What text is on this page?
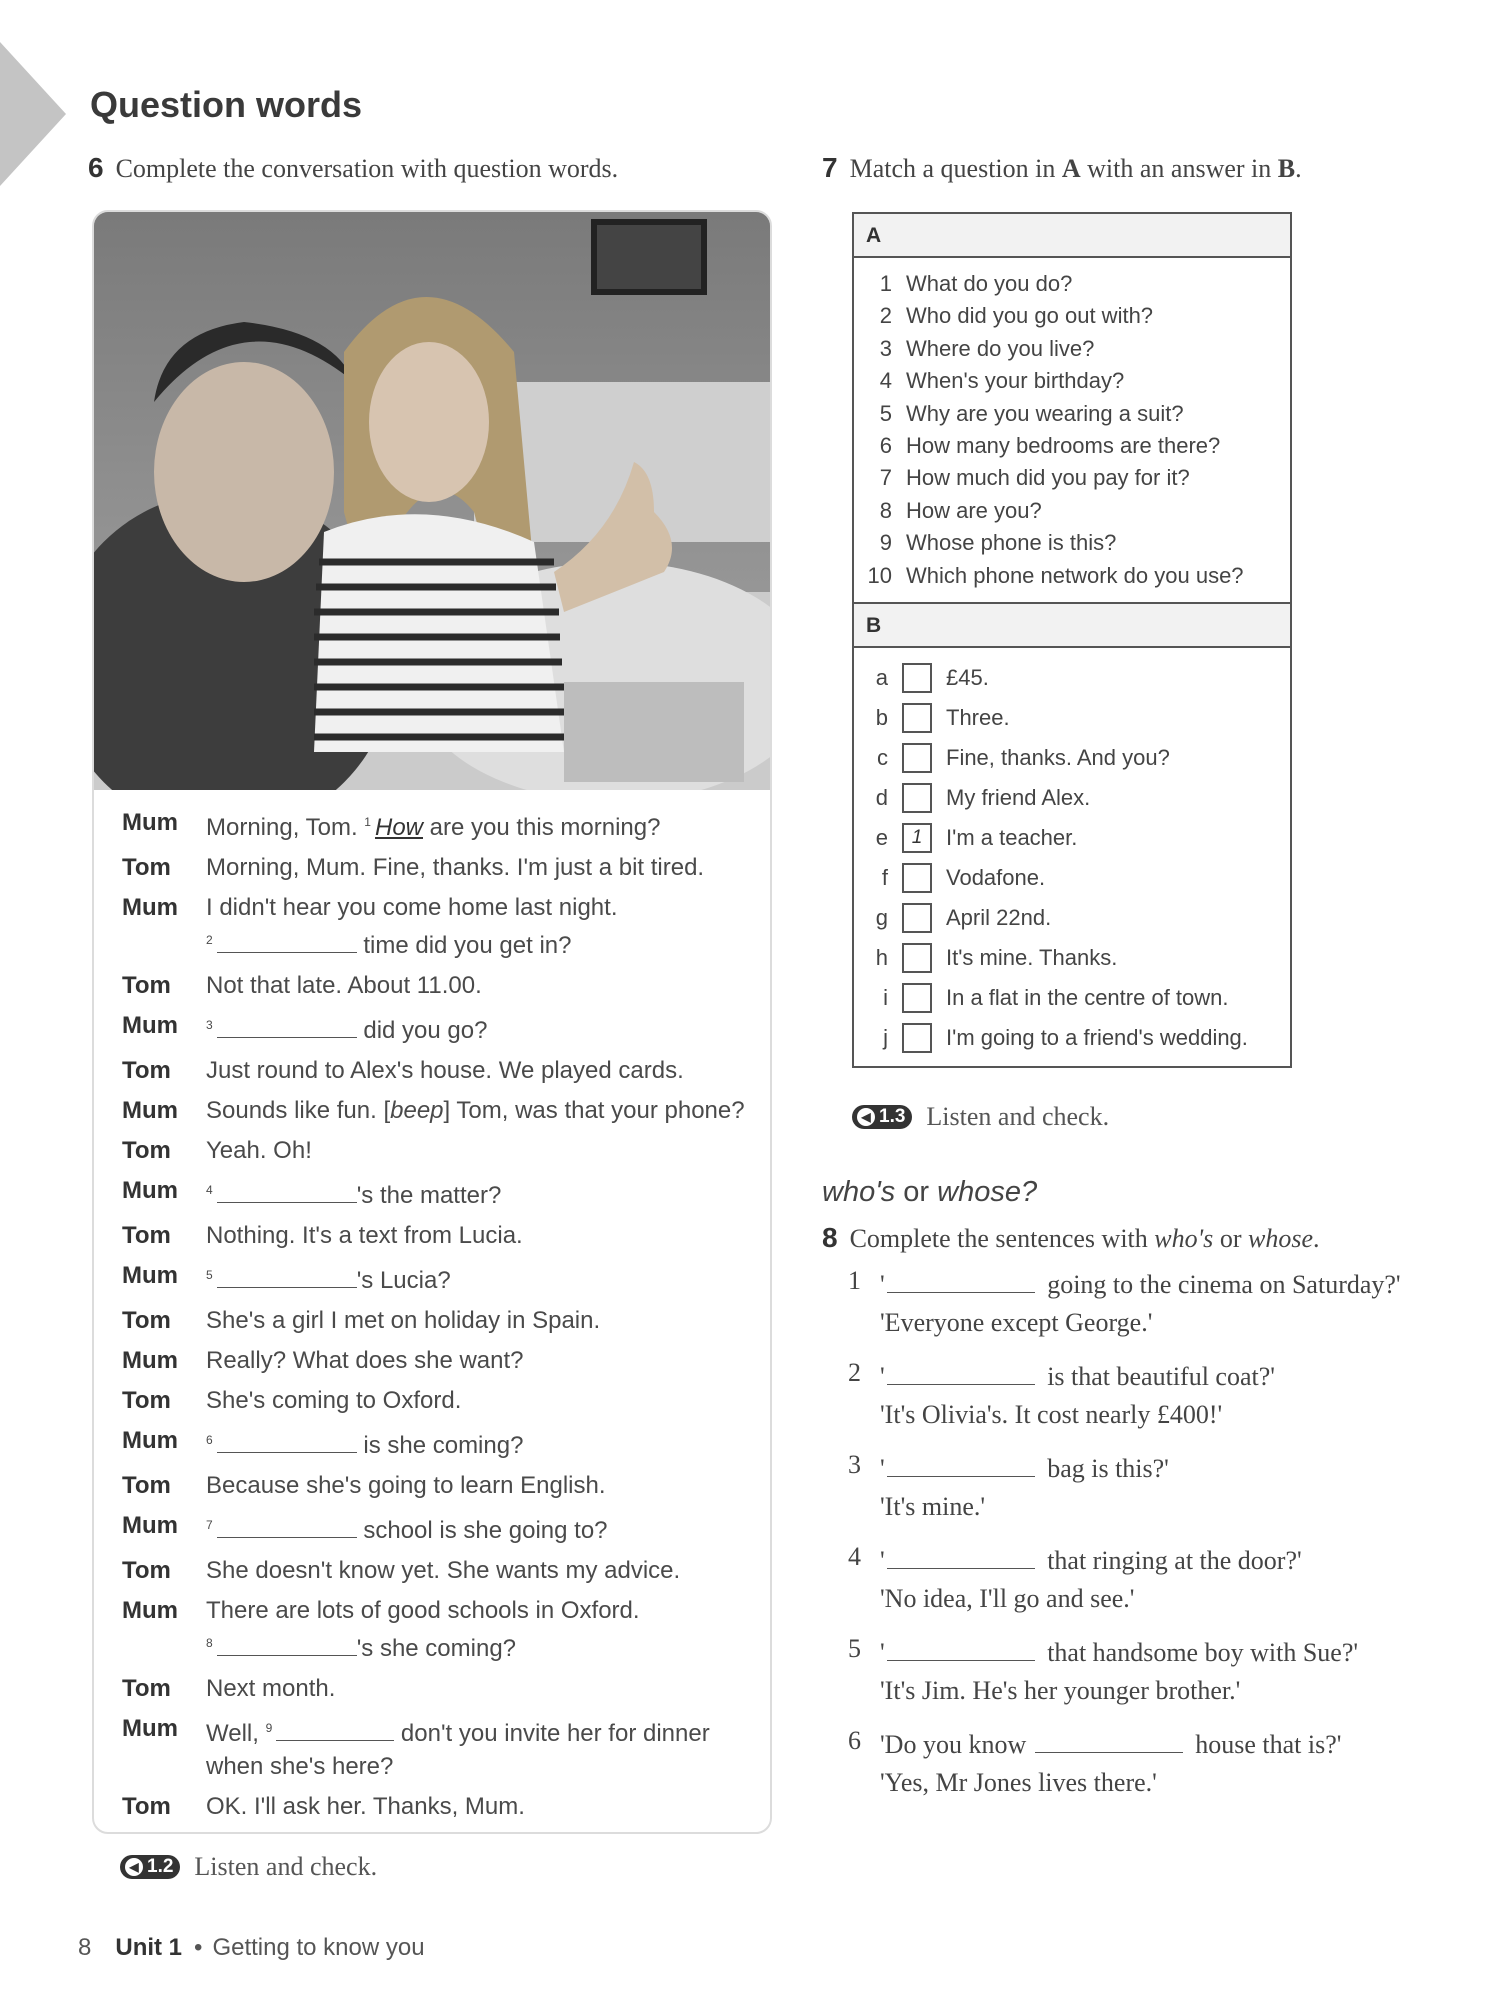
Question words
6 Complete the conversation with question words.
Mum	Morning, Tom. $^1$ How are you this morning?
Tom	Morning, Mum. Fine, thanks. I'm just a bit tired.
Mum	I didn't hear you come home last night.
$^2$	time did you get in?
Tom	Not that late. About 11.00.
Mum	$^3$	did you go?
Tom	Just round to Alex's house. We played cards.
Mum	Sounds like fun. [beep] Tom, was that your phone?
Tom	Yeah. Oh!
Mum	$^4$	's the matter?
Tom	Nothing. It's a text from Lucia.
Mum	$^5$	's Lucia?
Tom	She's a girl I met on holiday in Spain.
Mum	Really? What does she want?
Tom	She's coming to Oxford.
Mum	$^6$	is she coming?
Tom	Because she's going to learn English.
Mum	$^7$	school is she going to?
Tom	She doesn't know yet. She wants my advice.
Mum	There are lots of good schools in Oxford.
$^8$	's she coming?
Tom	Next month.
Mum	Well, $^9$	don't you invite her for dinner when she's here?
Tom	OK. I'll ask her. Thanks, Mum.
◀ 1.2 Listen and check.
7 Match a question in A with an answer in B.
A
1 What do you do?
2 Who did you go out with?
3 Where do you live?
4 When's your birthday?
5 Why are you wearing a suit?
6 How many bedrooms are there?
7 How much did you pay for it?
8 How are you?
9 Whose phone is this?
10 Which phone network do you use?
B
a	£45.
b	Three.
c	Fine, thanks. And you?
d	My friend Alex.
e	1	I'm a teacher.
f	Vodafone.
g	April 22nd.
h	It's mine. Thanks.
i	In a flat in the centre of town.
j	I'm going to a friend's wedding.
◀ 1.3 Listen and check.
who's or whose?
8 Complete the sentences with who's or whose.
1 '	going to the cinema on Saturday?'

'Everyone except George.'

2 '	is that beautiful coat?'

'It's Olivia's. It cost nearly £400!'

3 '	bag is this?'

'It's mine.'

4 '	that ringing at the door?'

'No idea, I'll go and see.'

5 '	that handsome boy with Sue?'

'It's Jim. He's her younger brother.'

6 'Do you know	house that is?'

'Yes, Mr Jones lives there.'

8 Unit 1 • Getting to know you
